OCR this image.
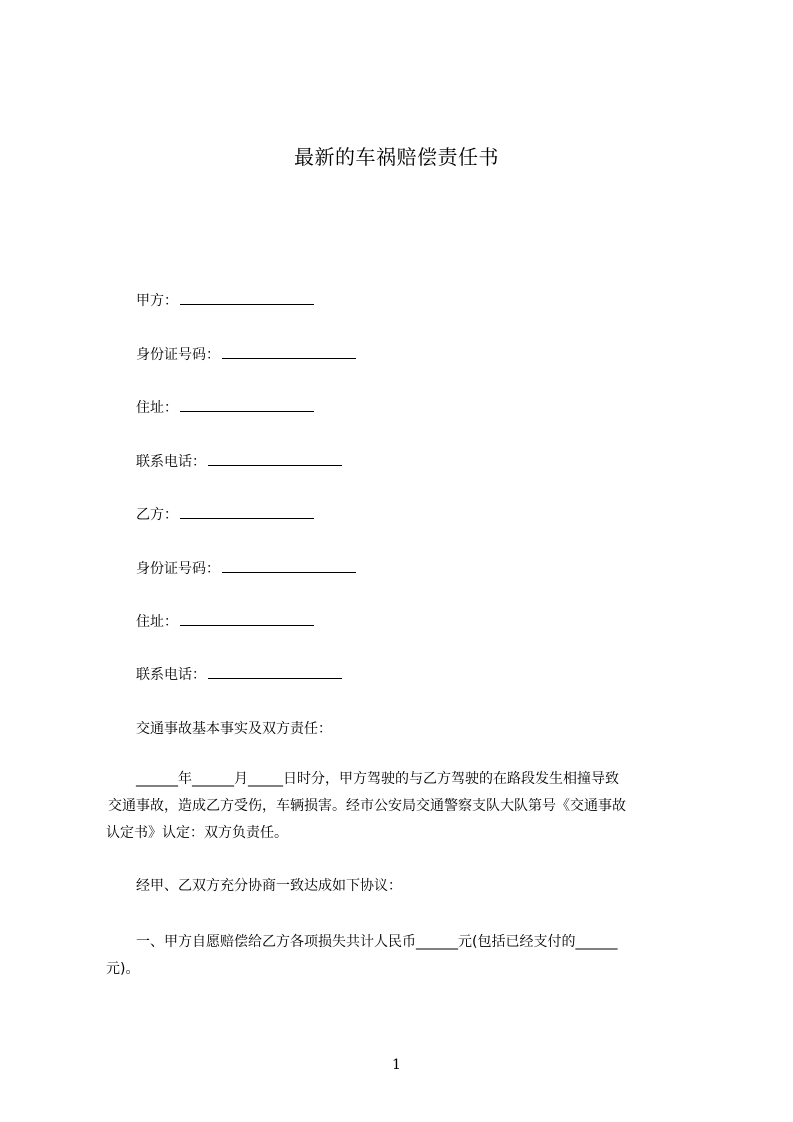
最新的车祸赔偿责任书
甲方：
身份证号码：
住址：
联系电话：
乙方：
身份证号码：
住址：
联系电话：
交通事故基本事实及双方责任：
______年______月_____日时分，甲方驾驶的与乙方驾驶的在路段发生相撞导致
交通事故，造成乙方受伤，车辆损害。经市公安局交通警察支队大队第号《交通事故
认定书》认定：双方负责任。
经甲、乙双方充分协商一致达成如下协议：
一、甲方自愿赔偿给乙方各项损失共计人民币______元(包括已经支付的______
元)。
1
